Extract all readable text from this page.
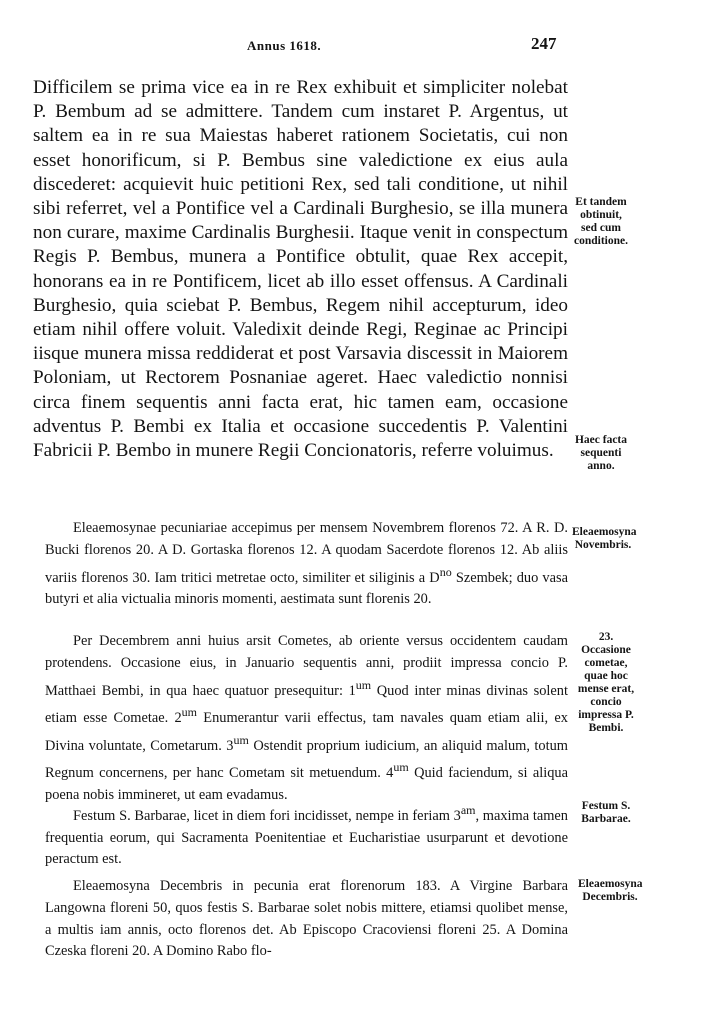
Annus 1618.	247

Difficilem se prima vice ea in re Rex exhibuit et simpliciter nolebat P. Bembum ad se admittere. Tandem cum instaret P. Argentus, ut saltem ea in re sua Maiestas haberet rationem Societatis, cui non esset honorificum, si P. Bembus sine valedictione ex eius aula discederet: acquievit huic petitioni Rex, sed tali conditione, ut nihil sibi referret, vel a Pontifice vel a Cardinali Burghesio, se illa munera non curare, maxime Cardinalis Burghesii. Itaque venit in conspectum Regis P. Bembus, munera a Pontifice obtulit, quae Rex accepit, honorans ea in re Pontificem, licet ab illo esset offensus. A Cardinali Burghesio, quia sciebat P. Bembus, Regem nihil accepturum, ideo etiam nihil offere voluit. Valedixit deinde Regi, Reginae ac Principi iisque munera missa reddiderat et post Varsavia discessit in Maiorem Poloniam, ut Rectorem Posnaniae ageret. Haec valedictio nonnisi circa finem sequentis anni facta erat, hic tamen eam, occasione adventus P. Bembi ex Italia et occasione succedentis P. Valentini Fabricii P. Bembo in munere Regii Concionatoris, referre voluimus.

Et tandem obtinuit, sed cum conditione.
Haec facta sequenti anno.

Eleaemosynae pecuniariae accepimus per mensem Novembrem florenos 72. A R. D. Bucki florenos 20. A D. Gortaska florenos 12. A quodam Sacerdote florenos 12. Ab aliis variis florenos 30. Iam tritici metretae octo, similiter et siliginis a $D^{no}$ Szembek; duo vasa butyri et alia victualia minoris momenti, aestimata sunt florenis 20.

Eleaemosyna Novembris.

Per Decembrem anni huius arsit Cometes, ab oriente versus occidentem caudam protendens. Occasione eius, in Januario sequentis anni, prodiit impressa concio P. Matthaei Bembi, in qua haec quatuor presequitur: $1^{um}$ Quod inter minas divinas solent etiam esse Cometae. $2^{um}$ Enumerantur varii effectus, tam navales quam etiam alii, ex Divina voluntate, Cometarum. $3^{um}$ Ostendit proprium iudicium, an aliquid malum, totum Regnum concernens, per hanc Cometam sit metuendum. $4^{um}$ Quid faciendum, si aliqua poena nobis immineret, ut eam evadamus.

23. Occasione cometae, quae hoc mense erat, concio impressa P. Bembi.

Festum S. Barbarae, licet in diem fori incidisset, nempe in feriam $3^{am}$, maxima tamen frequentia eorum, qui Sacramenta Poenitentiae et Eucharistiae usurparunt et devotione peractum est.

Festum S. Barbarae.

Eleaemosyna Decembris in pecunia erat florenorum 183. A Virgine Barbara Langowna floreni 50, quos festis S. Barbarae solet nobis mittere, etiamsi quolibet mense, a multis iam annis, octo florenos det. Ab Episcopo Cracoviensi floreni 25. A Domina Czeska floreni 20. A Domino Rabo flo-

Eleaemosyna Decembris.
